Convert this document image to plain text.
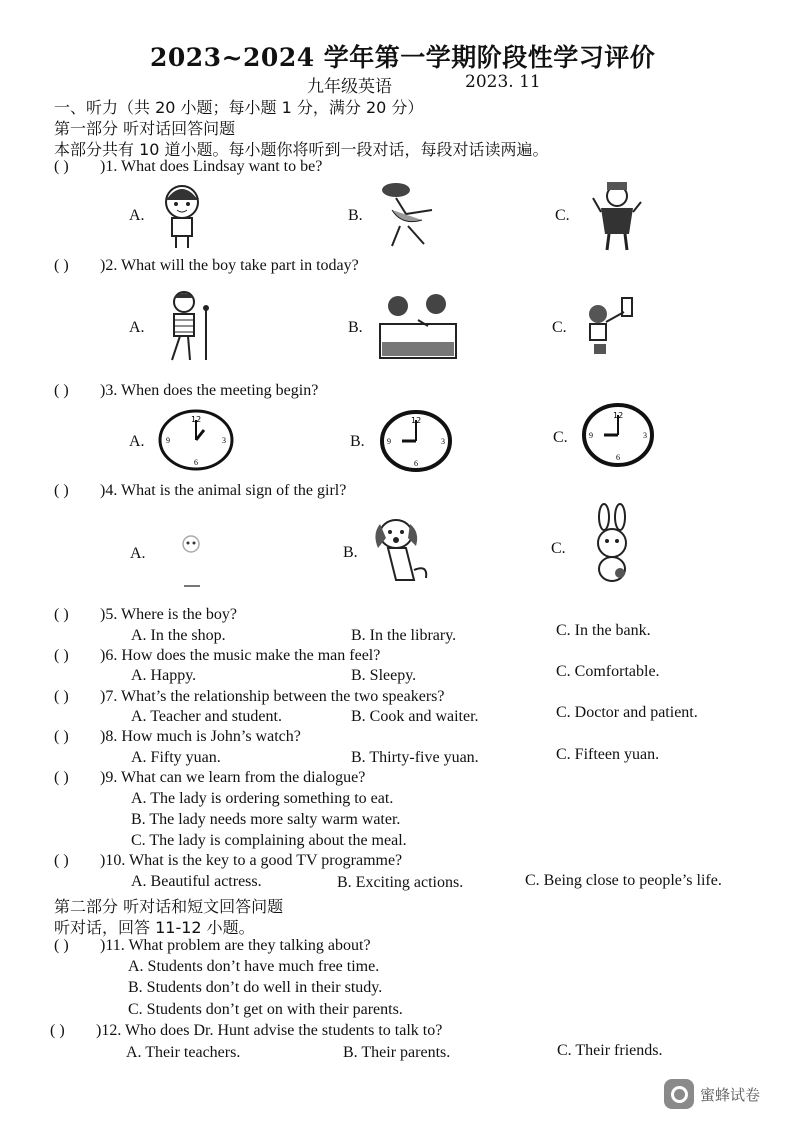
2023~2024 学年第一学期阶段性学习评价
九年级英语	2023. 11
一、听力（共 20 小题；每小题 1 分，满分 20 分）
第一部分 听对话回答问题
本部分共有 10 道小题。每小题你将听到一段对话，每段对话读两遍。
( ) )1. What does Lindsay want to be?
A.	B.	C.
( ) )2. What will the boy take part in today?
A.	B.	C.
( ) )3. When does the meeting begin?
A.	B.	C.
12
3
6
9
12
3
6
9
12
3
6
9
( ) )4. What is the animal sign of the girl?
A.	B.	C.
( ) )5. Where is the boy?
A. In the shop.	B. In the library.	C. In the bank.
( ) )6. How does the music make the man feel?
A. Happy.	B. Sleepy.	C. Comfortable.
( ) )7. What’s the relationship between the two speakers?
A. Teacher and student.	B. Cook and waiter.	C. Doctor and patient.
( ) )8. How much is John’s watch?
A. Fifty yuan.	B. Thirty-five yuan.	C. Fifteen yuan.
( ) )9. What can we learn from the dialogue?
A. The lady is ordering something to eat.
B. The lady needs more salty warm water.
C. The lady is complaining about the meal.
( ) )10. What is the key to a good TV programme?
A. Beautiful actress.	B. Exciting actions.	C. Being close to people’s life.
第二部分 听对话和短文回答问题
听对话，回答 11-12 小题。
( ) )11. What problem are they talking about?
A. Students don’t have much free time.
B. Students don’t do well in their study.
C. Students don’t get on with their parents.
( ) )12. Who does Dr. Hunt advise the students to talk to?
A. Their teachers.	B. Their parents.	C. Their friends.
蜜蜂试卷
